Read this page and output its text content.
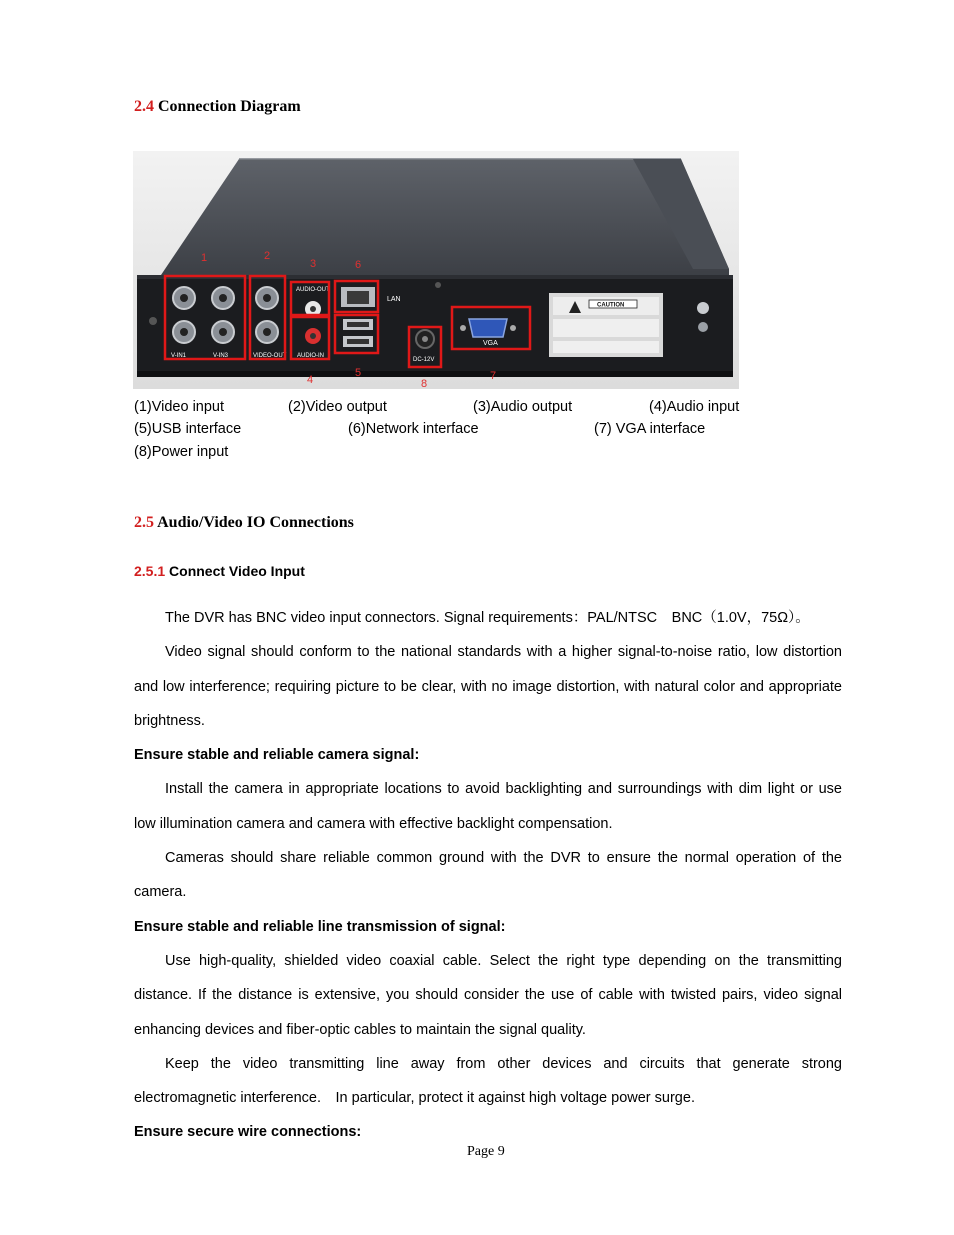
2.4 Connection Diagram
V-IN1	V-IN3	VIDEO-OUT
AUDIO-OUT
AUDIO-IN
LAN
DC-12V
VGA
CAUTION
1	2
3
4
5
6
7
8
(1)Video input	(2)Video output	(3)Audio output	(4)Audio input
(5)USB interface	(6)Network interface	(7) VGA interface
(8)Power input
2.5 Audio/Video IO Connections
2.5.1 Connect Video Input

The DVR has BNC video input connectors. Signal requirements：PAL/NTSC　BNC（1.0V，75Ω）。

Video signal should conform to the national standards with a higher signal-to-noise ratio, low distortion and low interference; requiring picture to be clear, with no image distortion, with natural color and appropriate brightness.

Ensure stable and reliable camera signal:

Install the camera in appropriate locations to avoid backlighting and surroundings with dim light or use low illumination camera and camera with effective backlight compensation.

Cameras should share reliable common ground with the DVR to ensure the normal operation of the camera.

Ensure stable and reliable line transmission of signal:

Use high-quality, shielded video coaxial cable. Select the right type depending on the transmitting distance. If the distance is extensive, you should consider the use of cable with twisted pairs, video signal enhancing devices and fiber-optic cables to maintain the signal quality.

Keep the video transmitting line away from other devices and circuits that generate strong electromagnetic interference.　In particular, protect it against high voltage power surge.

Ensure secure wire connections:

Page 9
